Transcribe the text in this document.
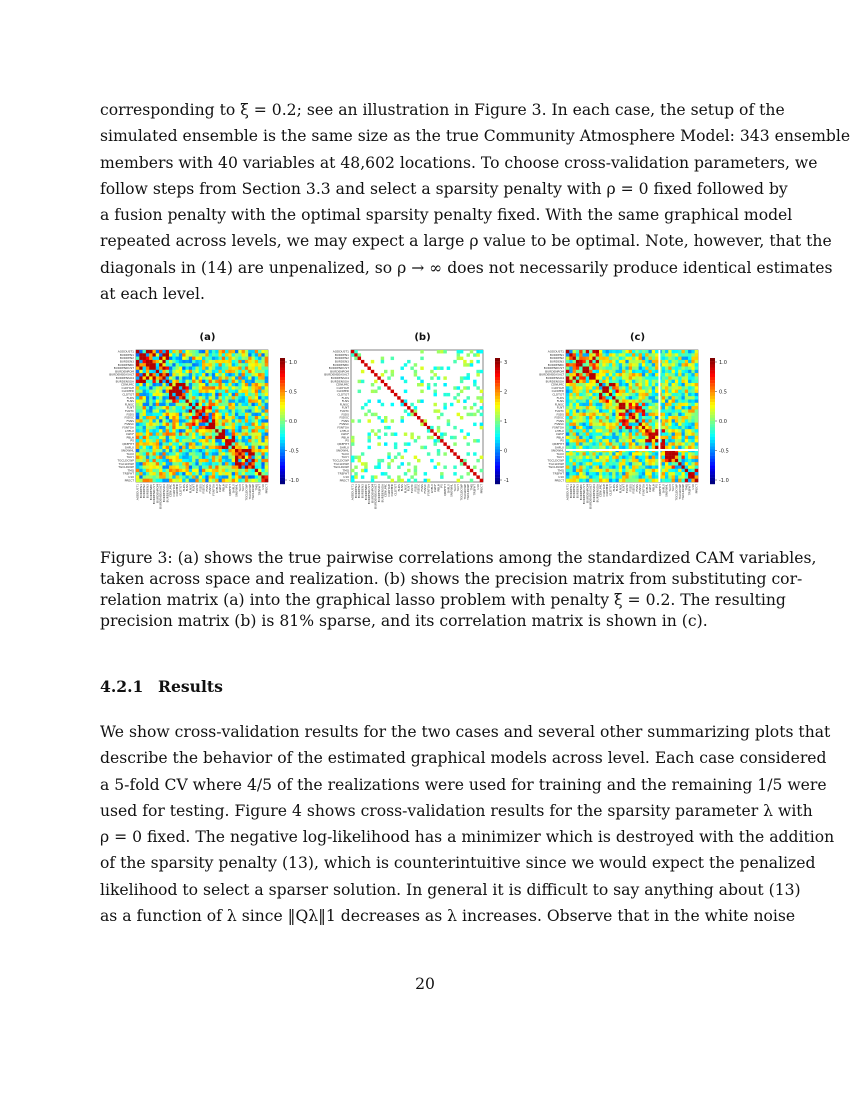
corresponding to ξ = 0.2; see an illustration in Figure 3. In each case, the setup of the
simulated ensemble is the same size as the true Community Atmosphere Model: 343 ensemble
members with 40 variables at 48,602 locations. To choose cross-validation parameters, we
follow steps from Section 3.3 and select a sparsity penalty with ρ = 0 fixed followed by
a fusion penalty with the optimal sparsity penalty fixed. With the same graphical model
repeated across levels, we may expect a large ρ value to be optimal. Note, however, that the
diagonals in (14) are unpenalized, so ρ → ∞ does not necessarily produce identical estimates
at each level.
(a)
AODDUST1
AODDUST1
BURDEN1
BURDEN1
BURDEN2
BURDEN2
BURDEN3
BURDEN3
BURDENBC
BURDENBC
BURDENDUST
BURDENDUST
BURDENPOM
BURDENPOM
BURDENSEASALT
BURDENSEASALT
BURDENSO4
BURDENSO4
BURDENSOA
BURDENSOA
CDNUMC
CDNUMC
CLDHGH
CLDHGH
CLDMED
CLDMED
CLDTOT
CLDTOT
FLDS
FLDS
FLNS
FLNS
FLNSC
FLNSC
FLNT
FLNT
FLNTC
FLNTC
FSDS
FSDS
FSDSC
FSDSC
FSNS
FSNS
FSNSC
FSNSC
FSNTOA
FSNTOA
LHFLX
LHFLX
LWCF
LWCF
PBLH
PBLH
PS
PS
QREFHT
QREFHT
SHFLX
SHFLX
SNOWHL
SNOWHL
TAUX
TAUX
TAUY
TAUY
TGCLDCWP
TGCLDCWP
TGCLDIWP
TGCLDIWP
TGCLDLWP
TGCLDLWP
TMQ
TMQ
TREFHT
TREFHT
U10
U10
PRECT
PRECT
1.0
0.5
0.0
-0.5
-1.0
(b)
AODDUST1
AODDUST1
BURDEN1
BURDEN1
BURDEN2
BURDEN2
BURDEN3
BURDEN3
BURDENBC
BURDENBC
BURDENDUST
BURDENDUST
BURDENPOM
BURDENPOM
BURDENSEASALT
BURDENSEASALT
BURDENSO4
BURDENSO4
BURDENSOA
BURDENSOA
CDNUMC
CDNUMC
CLDHGH
CLDHGH
CLDMED
CLDMED
CLDTOT
CLDTOT
FLDS
FLDS
FLNS
FLNS
FLNSC
FLNSC
FLNT
FLNT
FLNTC
FLNTC
FSDS
FSDS
FSDSC
FSDSC
FSNS
FSNS
FSNSC
FSNSC
FSNTOA
FSNTOA
LHFLX
LHFLX
LWCF
LWCF
PBLH
PBLH
PS
PS
QREFHT
QREFHT
SHFLX
SHFLX
SNOWHL
SNOWHL
TAUX
TAUX
TAUY
TAUY
TGCLDCWP
TGCLDCWP
TGCLDIWP
TGCLDIWP
TGCLDLWP
TGCLDLWP
TMQ
TMQ
TREFHT
TREFHT
U10
U10
PRECT
PRECT
3
2
1
0
-1
(c)
AODDUST1
AODDUST1
BURDEN1
BURDEN1
BURDEN2
BURDEN2
BURDEN3
BURDEN3
BURDENBC
BURDENBC
BURDENDUST
BURDENDUST
BURDENPOM
BURDENPOM
BURDENSEASALT
BURDENSEASALT
BURDENSO4
BURDENSO4
BURDENSOA
BURDENSOA
CDNUMC
CDNUMC
CLDHGH
CLDHGH
CLDMED
CLDMED
CLDTOT
CLDTOT
FLDS
FLDS
FLNS
FLNS
FLNSC
FLNSC
FLNT
FLNT
FLNTC
FLNTC
FSDS
FSDS
FSDSC
FSDSC
FSNS
FSNS
FSNSC
FSNSC
FSNTOA
FSNTOA
LHFLX
LHFLX
LWCF
LWCF
PBLH
PBLH
PS
PS
QREFHT
QREFHT
SHFLX
SHFLX
SNOWHL
SNOWHL
TAUX
TAUX
TAUY
TAUY
TGCLDCWP
TGCLDCWP
TGCLDIWP
TGCLDIWP
TGCLDLWP
TGCLDLWP
TMQ
TMQ
TREFHT
TREFHT
U10
U10
PRECT
PRECT
1.0
0.5
0.0
-0.5
-1.0
Figure 3: (a) shows the true pairwise correlations among the standardized CAM variables,
taken across space and realization. (b) shows the precision matrix from substituting cor-
relation matrix (a) into the graphical lasso problem with penalty ξ = 0.2. The resulting
precision matrix (b) is 81% sparse, and its correlation matrix is shown in (c).
4.2.1 Results
We show cross-validation results for the two cases and several other summarizing plots that
describe the behavior of the estimated graphical models across level. Each case considered
a 5-fold CV where 4/5 of the realizations were used for training and the remaining 1/5 were
used for testing. Figure 4 shows cross-validation results for the sparsity parameter λ with
ρ = 0 fixed. The negative log-likelihood has a minimizer which is destroyed with the addition
of the sparsity penalty (13), which is counterintuitive since we would expect the penalized
likelihood to select a sparser solution. In general it is difficult to say anything about (13)
as a function of λ since ‖Qλ‖1 decreases as λ increases. Observe that in the white noise
20
